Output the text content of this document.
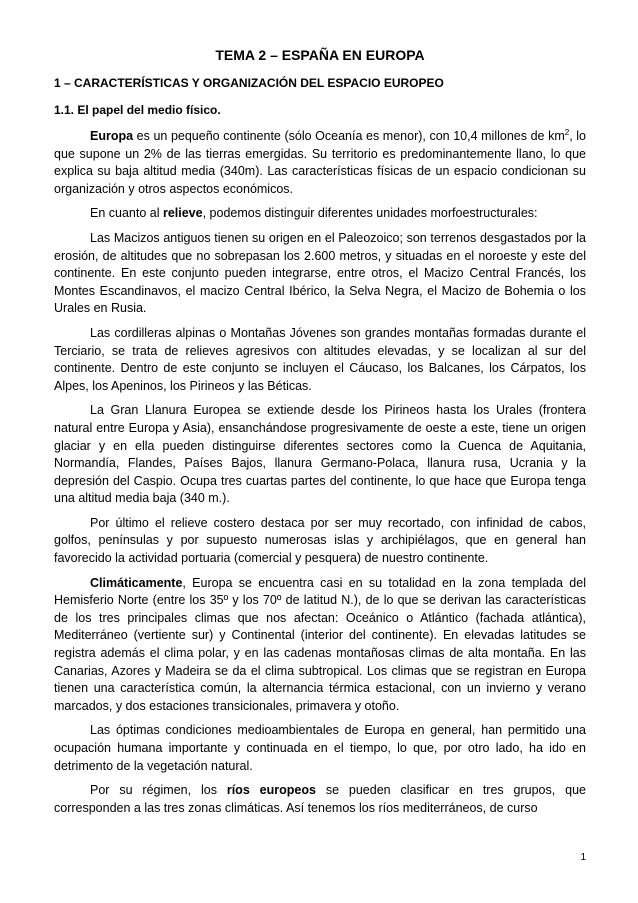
TEMA 2 – ESPAÑA EN EUROPA
1 – CARACTERÍSTICAS Y ORGANIZACIÓN DEL ESPACIO EUROPEO
1.1. El papel del medio físico.

Europa es un pequeño continente (sólo Oceanía es menor), con 10,4 millones de $km^2$, lo que supone un 2% de las tierras emergidas. Su territorio es predominantemente llano, lo que explica su baja altitud media (340m). Las características físicas de un espacio condicionan su organización y otros aspectos económicos.

En cuanto al relieve, podemos distinguir diferentes unidades morfoestructurales:

Las Macizos antiguos tienen su origen en el Paleozoico; son terrenos desgastados por la erosión, de altitudes que no sobrepasan los 2.600 metros, y situadas en el noroeste y este del continente. En este conjunto pueden integrarse, entre otros, el Macizo Central Francés, los Montes Escandinavos, el macizo Central Ibérico, la Selva Negra, el Macizo de Bohemia o los Urales en Rusia.

Las cordilleras alpinas o Montañas Jóvenes son grandes montañas formadas durante el Terciario, se trata de relieves agresivos con altitudes elevadas, y se localizan al sur del continente. Dentro de este conjunto se incluyen el Cáucaso, los Balcanes, los Cárpatos, los Alpes, los Apeninos, los Pirineos y las Béticas.

La Gran Llanura Europea se extiende desde los Pirineos hasta los Urales (frontera natural entre Europa y Asia), ensanchándose progresivamente de oeste a este, tiene un origen glaciar y en ella pueden distinguirse diferentes sectores como la Cuenca de Aquitania, Normandía, Flandes, Países Bajos, llanura Germano-Polaca, llanura rusa, Ucrania y la depresión del Caspio. Ocupa tres cuartas partes del continente, lo que hace que Europa tenga una altitud media baja (340 m.).

Por último el relieve costero destaca por ser muy recortado, con infinidad de cabos, golfos, penínsulas y por supuesto numerosas islas y archipiélagos, que en general han favorecido la actividad portuaria (comercial y pesquera) de nuestro continente.

Climáticamente, Europa se encuentra casi en su totalidad en la zona templada del Hemisferio Norte (entre los 35º y los 70º de latitud N.), de lo que se derivan las características de los tres principales climas que nos afectan: Oceánico o Atlántico (fachada atlántica), Mediterráneo (vertiente sur) y Continental (interior del continente). En elevadas latitudes se registra además el clima polar, y en las cadenas montañosas climas de alta montaña. En las Canarias, Azores y Madeira se da el clima subtropical. Los climas que se registran en Europa tienen una característica común, la alternancia térmica estacional, con un invierno y verano marcados, y dos estaciones transicionales, primavera y otoño.

Las óptimas condiciones medioambientales de Europa en general, han permitido una ocupación humana importante y continuada en el tiempo, lo que, por otro lado, ha ido en detrimento de la vegetación natural.

Por su régimen, los ríos europeos se pueden clasificar en tres grupos, que corresponden a las tres zonas climáticas. Así tenemos los ríos mediterráneos, de curso

1
